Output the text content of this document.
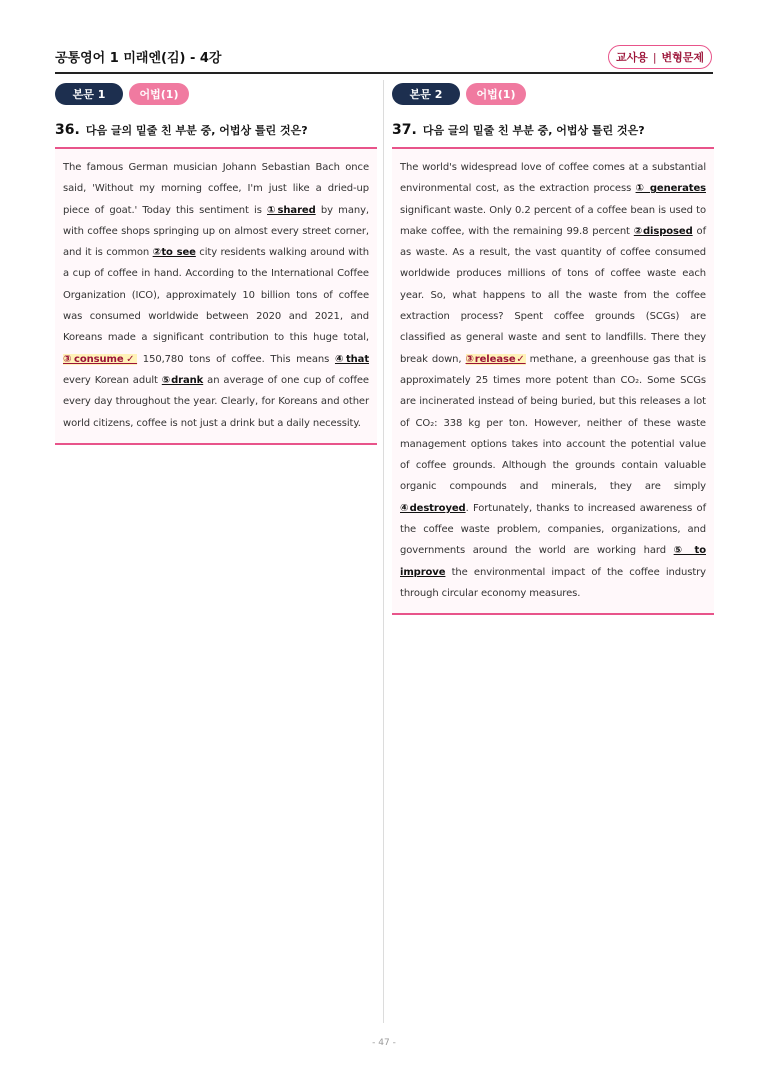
공통영어 1 미래엔(김) - 4강	교사용 | 변형문제
본문 1	어법(1)
36. 다음 글의 밑줄 친 부분 중, 어법상 틀린 것은?

The famous German musician Johann Sebastian Bach once said, 'Without my morning coffee, I'm just like a dried-up piece of goat.' Today this sentiment is ①shared by many, with coffee shops springing up on almost every street corner, and it is common ②to see city residents walking around with a cup of coffee in hand. According to the International Coffee Organization (ICO), approximately 10 billion tons of coffee was consumed worldwide between 2020 and 2021, and Koreans made a significant contribution to this huge total, ③consume✓ 150,780 tons of coffee. This means ④that every Korean adult ⑤drank an average of one cup of coffee every day throughout the year. Clearly, for Koreans and other world citizens, coffee is not just a drink but a daily necessity.

본문 2	어법(1)
37. 다음 글의 밑줄 친 부분 중, 어법상 틀린 것은?

The world's widespread love of coffee comes at a substantial environmental cost, as the extraction process ① generates significant waste. Only 0.2 percent of a coffee bean is used to make coffee, with the remaining 99.8 percent ②disposed of as waste. As a result, the vast quantity of coffee consumed worldwide produces millions of tons of coffee waste each year. So, what happens to all the waste from the coffee extraction process? Spent coffee grounds (SCGs) are classified as general waste and sent to landfills. There they break down, ③release✓ methane, a greenhouse gas that is approximately 25 times more potent than CO₂. Some SCGs are incinerated instead of being buried, but this releases a lot of CO₂: 338 kg per ton. However, neither of these waste management options takes into account the potential value of coffee grounds. Although the grounds contain valuable organic compounds and minerals, they are simply ④destroyed. Fortunately, thanks to increased awareness of the coffee waste problem, companies, organizations, and governments around the world are working hard ⑤ to improve the environmental impact of the coffee industry through circular economy measures.

- 47 -
